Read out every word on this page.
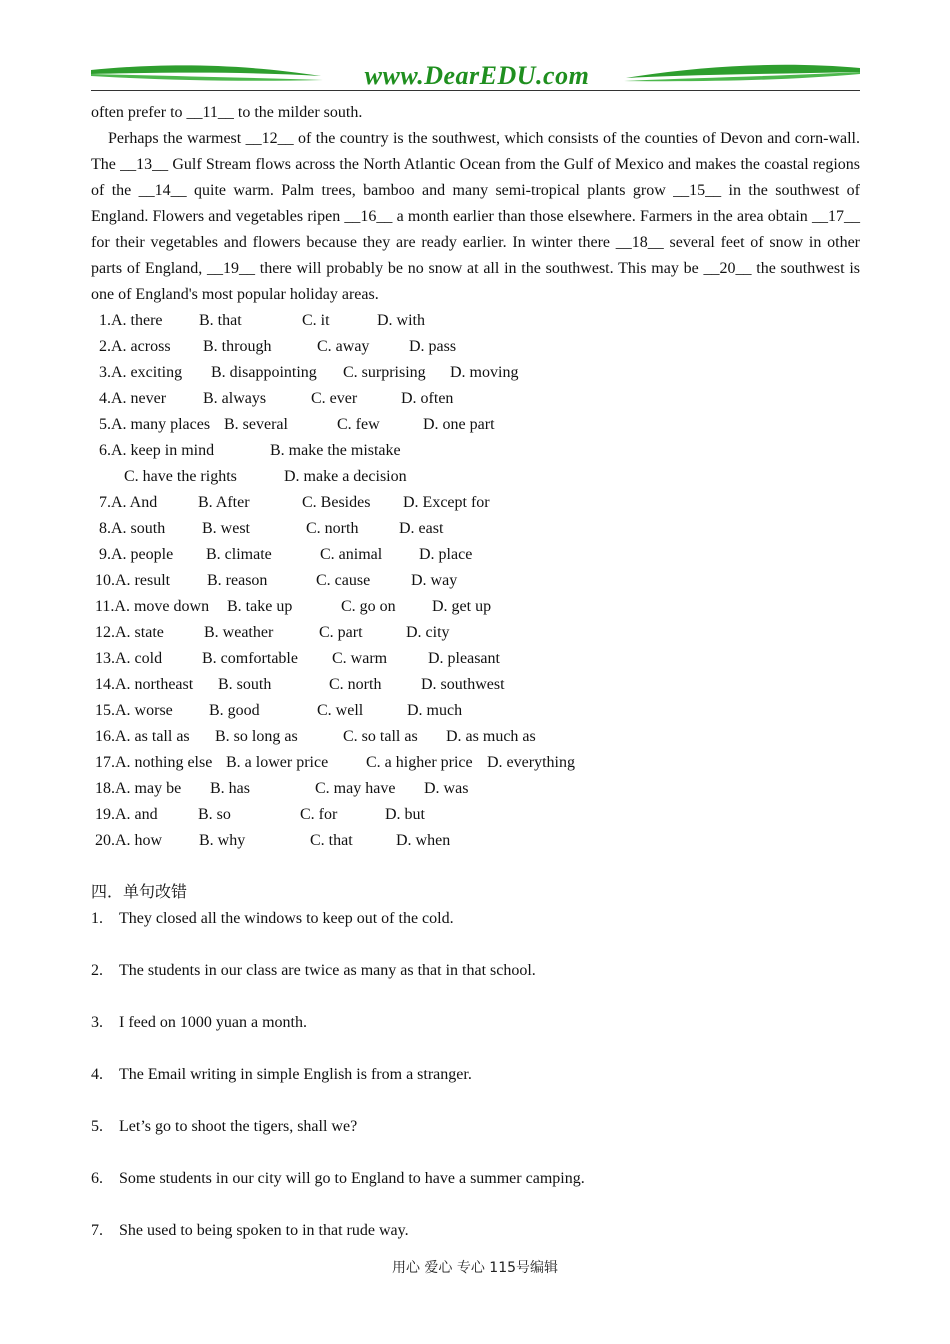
www.DearEDU.com
often prefer to __11__ to the milder south.

Perhaps the warmest __12__ of the country is the southwest, which consists of the counties of Devon and corn-wall. The __13__ Gulf Stream flows across the North Atlantic Ocean from the Gulf of Mexico and makes the coastal regions of the __14__ quite warm. Palm trees, bamboo and many semi-tropical plants grow __15__ in the southwest of England. Flowers and vegetables ripen __16__ a month earlier than those elsewhere. Farmers in the area obtain __17__ for their vegetables and flowers because they are ready earlier. In winter there __18__ several feet of snow in other parts of England, __19__ there will probably be no snow at all in the southwest. This may be __20__ the southwest is one of England's most popular holiday areas.

1.A. there B. that	C. it	D. with
2.A. across B. through	C. away D. pass
3.A. exciting B. disappointing C. surprising D. moving
4.A. never B. always	C. ever	D. often
5.A. many places B. several	C. few	D. one part
6.A. keep in mind	B. make the mistake
C. have the rights	D. make a decision
7.A. And	B. After	C. Besides D. Except for
8.A. south B. west	C. north	D. east
9.A. people B. climate	C. animal D. place
10.A. result B. reason	C. cause	D. way
11.A. move down B. take up	C. go on D. get up
12.A. state	B. weather	C. part	D. city
13.A. cold B. comfortable C. warm	D. pleasant
14.A. northeast B. south	C. north D. southwest
15.A. worse B. good	C. well	D. much
16.A. as tall as B. so long as	C. so tall as D. as much as
17.A. nothing else B. a lower price C. a higher price D. everything
18.A. may be B. has	C. may have D. was
19.A. and	B. so	C. for	D. but
20.A. how B. why	C. that	D. when
四．单句改错
1. They closed all the windows to keep out of the cold.
2. The students in our class are twice as many as that in that school.
3. I feed on 1000 yuan a month.
4. The Email writing in simple English is from a stranger.
5. Let’s go to shoot the tigers, shall we?
6. Some students in our city will go to England to have a summer camping.
7. She used to being spoken to in that rude way.
用心 爱心 专心 115号编辑
